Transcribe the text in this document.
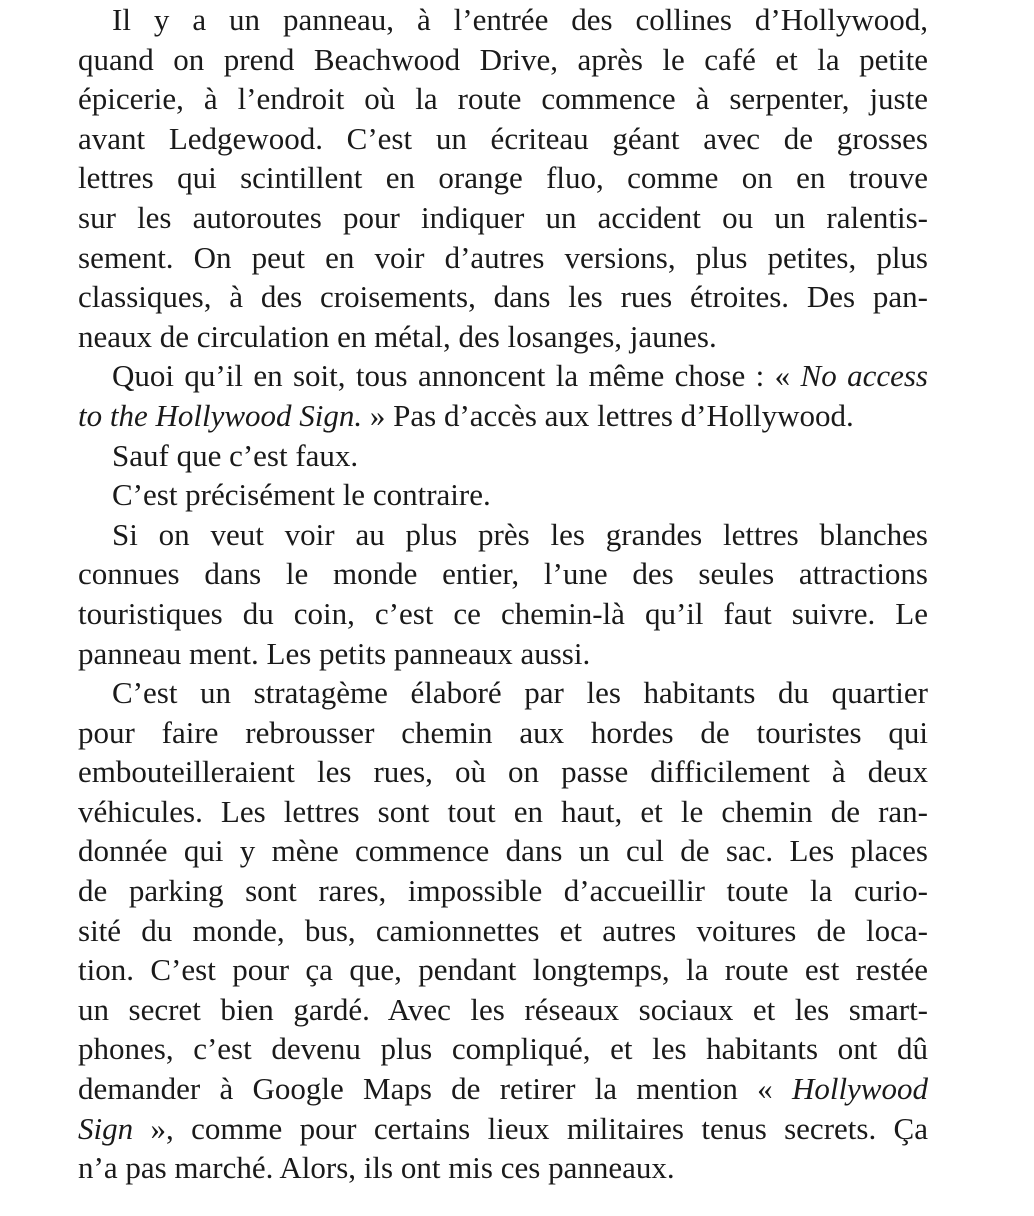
Il y a un panneau, à l’entrée des collines d’Hollywood,
quand on prend Beachwood Drive, après le café et la petite
épicerie, à l’endroit où la route commence à serpenter, juste
avant Ledgewood. C’est un écriteau géant avec de grosses
lettres qui scintillent en orange fluo, comme on en trouve
sur les autoroutes pour indiquer un accident ou un ralentis-
sement. On peut en voir d’autres versions, plus petites, plus
classiques, à des croisements, dans les rues étroites. Des pan-
neaux de circulation en métal, des losanges, jaunes.
Quoi qu’il en soit, tous annoncent la même chose : « No access
to the Hollywood Sign. » Pas d’accès aux lettres d’Hollywood.
Sauf que c’est faux.
C’est précisément le contraire.
Si on veut voir au plus près les grandes lettres blanches
connues dans le monde entier, l’une des seules attractions
touristiques du coin, c’est ce chemin-là qu’il faut suivre. Le
panneau ment. Les petits panneaux aussi.
C’est un stratagème élaboré par les habitants du quartier
pour faire rebrousser chemin aux hordes de touristes qui
embouteilleraient les rues, où on passe difficilement à deux
véhicules. Les lettres sont tout en haut, et le chemin de ran-
donnée qui y mène commence dans un cul de sac. Les places
de parking sont rares, impossible d’accueillir toute la curio-
sité du monde, bus, camionnettes et autres voitures de loca-
tion. C’est pour ça que, pendant longtemps, la route est restée
un secret bien gardé. Avec les réseaux sociaux et les smart-
phones, c’est devenu plus compliqué, et les habitants ont dû
demander à Google Maps de retirer la mention « Hollywood
Sign », comme pour certains lieux militaires tenus secrets. Ça
n’a pas marché. Alors, ils ont mis ces panneaux.
